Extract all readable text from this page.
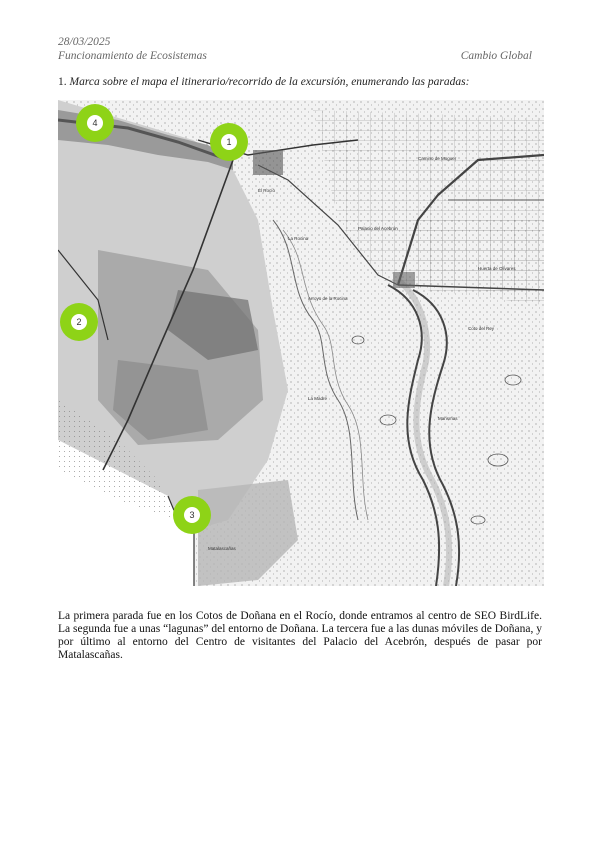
28/03/2025
Funcionamiento de Ecosistemas	Cambio Global
1. Marca sobre el mapa el itinerario/recorrido de la excursión, enumerando las paradas:
El Rocío
La Rocina
Palacio del Acebrón
Matalascañas
Marismas
Arroyo de la Rocina
Coto del Rey
Huerta de Olivares
La Madre
Camino de Moguer
4
1
2
3

La primera parada fue en los Cotos de Doñana en el Rocío, donde entramos al centro de SEO BirdLife. La segunda fue a unas “lagunas” del entorno de Doñana. La tercera fue a las dunas móviles de Doñana, y por último al entorno del Centro de visitantes del Palacio del Acebrón, después de pasar por Matalascañas.
